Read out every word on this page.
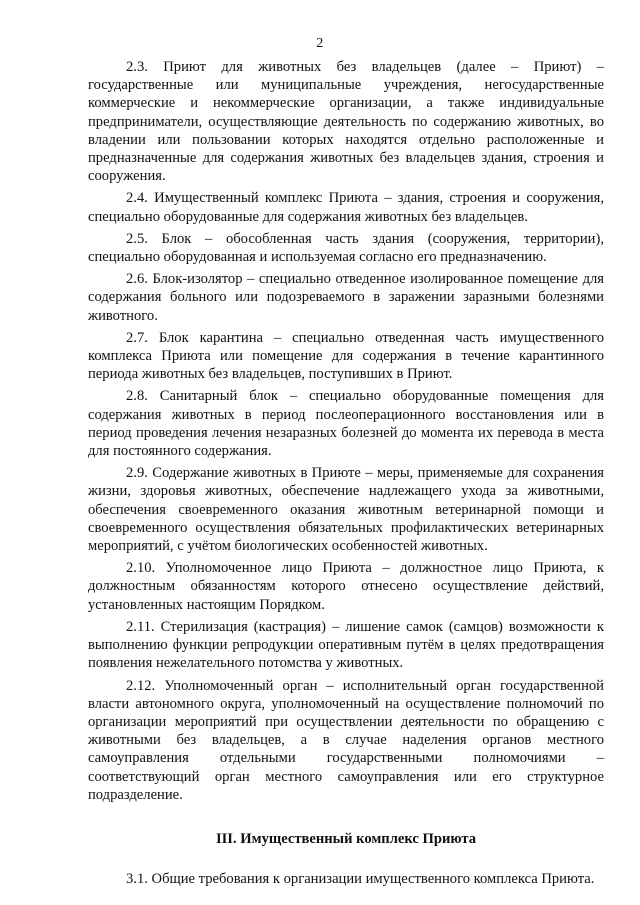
2

2.3. Приют для животных без владельцев (далее – Приют) – государственные или муниципальные учреждения, негосударственные коммерческие и некоммерческие организации, а также индивидуальные предприниматели, осуществляющие деятельность по содержанию животных, во владении или пользовании которых находятся отдельно расположенные и предназначенные для содержания животных без владельцев здания, строения и сооружения.

2.4. Имущественный комплекс Приюта – здания, строения и сооружения, специально оборудованные для содержания животных без владельцев.

2.5. Блок – обособленная часть здания (сооружения, территории), специально оборудованная и используемая согласно его предназначению.

2.6. Блок-изолятор – специально отведенное изолированное помещение для содержания больного или подозреваемого в заражении заразными болезнями животного.

2.7. Блок карантина – специально отведенная часть имущественного комплекса Приюта или помещение для содержания в течение карантинного периода животных без владельцев, поступивших в Приют.

2.8. Санитарный блок – специально оборудованные помещения для содержания животных в период послеоперационного восстановления или в период проведения лечения незаразных болезней до момента их перевода в места для постоянного содержания.

2.9. Содержание животных в Приюте – меры, применяемые для сохранения жизни, здоровья животных, обеспечение надлежащего ухода за животными, обеспечения своевременного оказания животным ветеринарной помощи и своевременного осуществления обязательных профилактических ветеринарных мероприятий, с учётом биологических особенностей животных.

2.10. Уполномоченное лицо Приюта – должностное лицо Приюта, к должностным обязанностям которого отнесено осуществление действий, установленных настоящим Порядком.

2.11. Стерилизация (кастрация) – лишение самок (самцов) возможности к выполнению функции репродукции оперативным путём в целях предотвращения появления нежелательного потомства у животных.

2.12. Уполномоченный орган – исполнительный орган государственной власти автономного округа, уполномоченный на осуществление полномочий по организации мероприятий при осуществлении деятельности по обращению с животными без владельцев, а в случае наделения органов местного самоуправления отдельными государственными полномочиями – соответствующий орган местного самоуправления или его структурное подразделение.

III. Имущественный комплекс Приюта

3.1. Общие требования к организации имущественного комплекса Приюта.
